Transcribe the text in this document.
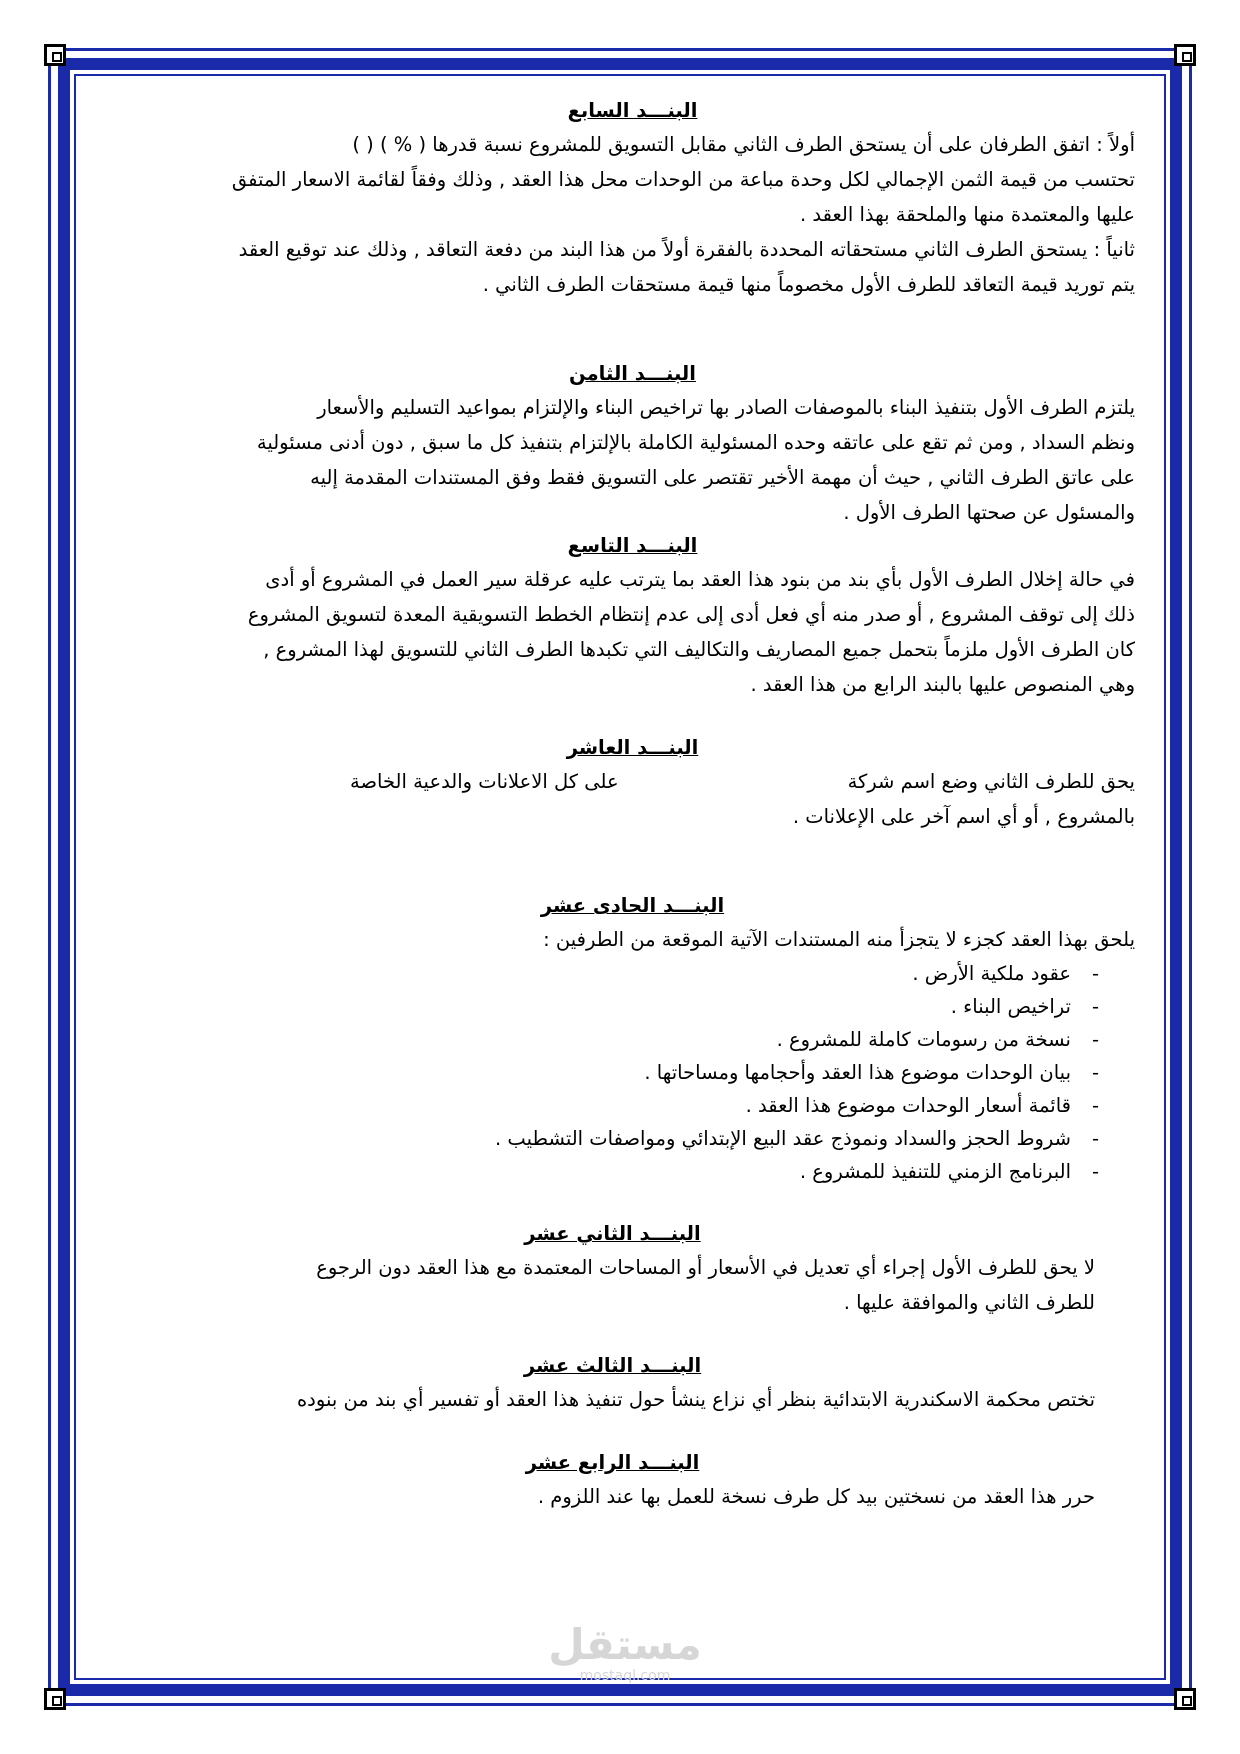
البنـــد السابع

أولاً : اتفق الطرفان على أن يستحق الطرف الثاني مقابل التسويق للمشروع نسبة قدرها ( % ) ( )

تحتسب من قيمة الثمن الإجمالي لكل وحدة مباعة من الوحدات محل هذا العقد , وذلك وفقاً لقائمة الاسعار المتفق

عليها والمعتمدة منها والملحقة بهذا العقد .

ثانياً : يستحق الطرف الثاني مستحقاته المحددة بالفقرة أولاً من هذا البند من دفعة التعاقد , وذلك عند توقيع العقد

يتم توريد قيمة التعاقد للطرف الأول مخصوماً منها قيمة مستحقات الطرف الثاني .

البنـــد الثامن

يلتزم الطرف الأول بتنفيذ البناء بالموصفات الصادر بها تراخيص البناء والإلتزام بمواعيد التسليم والأسعار

ونظم السداد , ومن ثم تقع على عاتقه وحده المسئولية الكاملة بالإلتزام بتنفيذ كل ما سبق , دون أدنى مسئولية

على عاتق الطرف الثاني , حيث أن مهمة الأخير تقتصر على التسويق فقط وفق المستندات المقدمة إليه

والمسئول عن صحتها الطرف الأول .

البنـــد التاسع

في حالة إخلال الطرف الأول بأي بند من بنود هذا العقد بما يترتب عليه عرقلة سير العمل في المشروع أو أدى

ذلك إلى توقف المشروع , أو صدر منه أي فعل أدى إلى عدم إنتظام الخطط التسويقية المعدة لتسويق المشروع

كان الطرف الأول ملزماً بتحمل جميع المصاريف والتكاليف التي تكبدها الطرف الثاني للتسويق لهذا المشروع ,

وهي المنصوص عليها بالبند الرابع من هذا العقد .

البنـــد العاشر
يحق للطرف الثاني وضع اسم شركة
على كل الاعلانات والدعية الخاصة

بالمشروع , أو أي اسم آخر على الإعلانات .

البنـــد الحادى عشر

يلحق بهذا العقد كجزء لا يتجزأ منه المستندات الآتية الموقعة من الطرفين :

- عقود ملكية الأرض .
- تراخيص البناء .
- نسخة من رسومات كاملة للمشروع .
- بيان الوحدات موضوع هذا العقد وأحجامها ومساحاتها .
- قائمة أسعار الوحدات موضوع هذا العقد .
- شروط الحجز والسداد ونموذج عقد البيع الإبتدائي ومواصفات التشطيب .
- البرنامج الزمني للتنفيذ للمشروع .
البنـــد الثاني عشر

لا يحق للطرف الأول إجراء أي تعديل في الأسعار أو المساحات المعتمدة مع هذا العقد دون الرجوع

للطرف الثاني والموافقة عليها .

البنـــد الثالث عشر

تختص محكمة الاسكندرية الابتدائية بنظر أي نزاع ينشأ حول تنفيذ هذا العقد أو تفسير أي بند من بنوده

البنـــد الرابع عشر

حرر هذا العقد من نسختين بيد كل طرف نسخة للعمل بها عند اللزوم .

مستقل
mostaql.com
